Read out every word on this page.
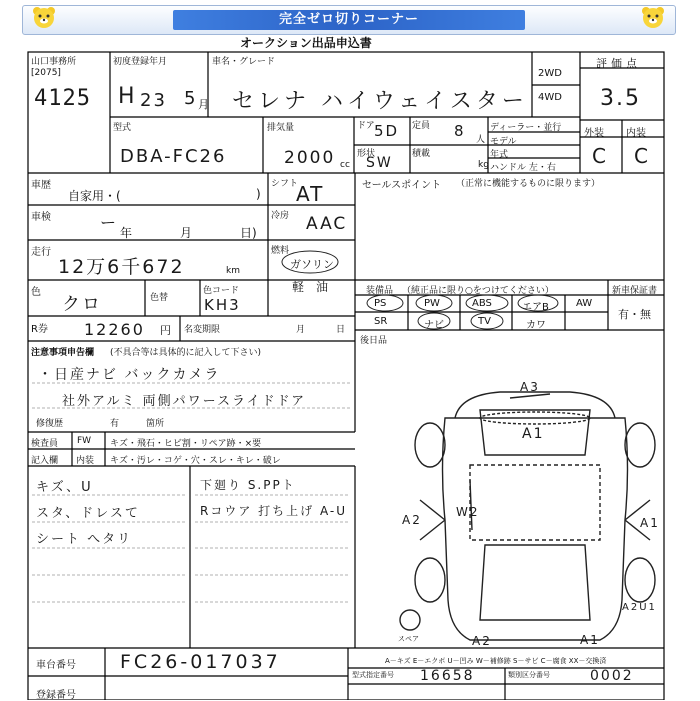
完全ゼロ切りコーナー
オークション出品申込書
山口事務所
[2075]
4125
初度登録年月
H 23 5 月
車名・グレード
セレナ ハイウェイスター
2WD
4WD
評価点
3.5
外装 内装
C C
型式
DBA-FC26
排気量
2000 cc
ドア 5D 定員 8 人
ディーラー・並行
モデル
年式
ハンドル 左・右
形状
SW
積載
kg
車歴
自家用・(	)
シフト
AT	セールスポイント （正常に機能するものに限ります）
車検	ー
年	月	日)
冷房 AAC
走行
12万6千672	km
燃料
ガソリン
軽　油
色
クロ	色替
色コード
KH3
装備品 （純正品に限り○をつけてください）	新車保証書
PS	PW	ABS	エアB	AW
SR	ナビ	TV	カワ
有・無
後日品
R券 12260 円 名変期限	月	日
注意事項申告欄 (不具合等は具体的に記入して下さい)
・日産ナビ バックカメラ
社外アルミ 両側パワースライドドア
修復歴	有	箇所
検査員 FW キズ・飛石・ヒビ割・リペア跡・×要
記入欄 内装 キズ・汚レ・コゲ・穴・スレ・キレ・破レ
キズ、U
スタ、ドレスて
シート へタリ
下廻り S.PPト
Rコウア 打ち上げ A-U
A3
A1
W2
A2	A1
A2U1
A2	A1
スペア
A－キズ E－エクボ U－凹み W－補修跡 S－サビ C－腐食 XX－交換済
車台番号 FC26-017037
登録番号
型式指定番号 16658	類別区分番号	0002
